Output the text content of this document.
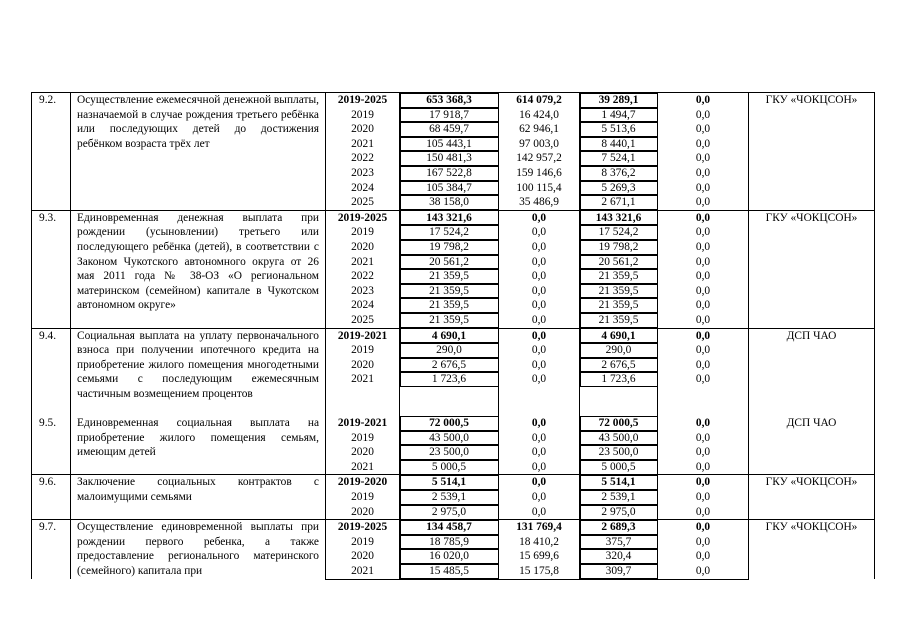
9.2.	Осуществление ежемесячной денежной выплаты, назначаемой в случае рождения третьего ребёнка или последующих детей до достижения ребёнком возраста трёх лет	2019-2025	653 368,3	614 079,2	39 289,1	0,0	ГКУ «ЧОКЦСОН»
		2019	17 918,7	16 424,0	1 494,7	0,0	
		2020	68 459,7	62 946,1	5 513,6	0,0	
		2021	105 443,1	97 003,0	8 440,1	0,0	
		2022	150 481,3	142 957,2	7 524,1	0,0	
		2023	167 522,8	159 146,6	8 376,2	0,0	
		2024	105 384,7	100 115,4	5 269,3	0,0	
		2025	38 158,0	35 486,9	2 671,1	0,0	
9.3.	Единовременная денежная выплата при рождении (усыновлении) третьего или последующего ребёнка (детей), в соответствии с Законом Чукотского автономного округа от 26 мая 2011 года № 38-ОЗ «О региональном материнском (семейном) капитале в Чукотском автономном округе»	2019-2025	143 321,6	0,0	143 321,6	0,0	ГКУ «ЧОКЦСОН»
		2019	17 524,2	0,0	17 524,2	0,0	
		2020	19 798,2	0,0	19 798,2	0,0	
		2021	20 561,2	0,0	20 561,2	0,0	
		2022	21 359,5	0,0	21 359,5	0,0	
		2023	21 359,5	0,0	21 359,5	0,0	
		2024	21 359,5	0,0	21 359,5	0,0	
		2025	21 359,5	0,0	21 359,5	0,0	
9.4.	Социальная выплата на уплату первоначального взноса при получении ипотечного кредита на приобретение жилого помещения многодетными семьями с последующим ежемесячным частичным возмещением процентов	2019-2021	4 690,1	0,0	4 690,1	0,0	ДСП ЧАО
		2019	290,0	0,0	290,0	0,0	
		2020	2 676,5	0,0	2 676,5	0,0	
		2021	1 723,6	0,0	1 723,6	0,0	

9.5.	Единовременная социальная выплата на приобретение жилого помещения семьям, имеющим детей	2019-2021	72 000,5	0,0	72 000,5	0,0	ДСП ЧАО
		2019	43 500,0	0,0	43 500,0	0,0	
		2020	23 500,0	0,0	23 500,0	0,0	
		2021	5 000,5	0,0	5 000,5	0,0	
9.6.	Заключение социальных контрактов с малоимущими семьями	2019-2020	5 514,1	0,0	5 514,1	0,0	ГКУ «ЧОКЦСОН»
		2019	2 539,1	0,0	2 539,1	0,0	
		2020	2 975,0	0,0	2 975,0	0,0	
9.7.	Осуществление единовременной выплаты при рождении первого ребенка, а также предоставление регионального материнского (семейного) капитала при	2019-2025	134 458,7	131 769,4	2 689,3	0,0	ГКУ «ЧОКЦСОН»
		2019	18 785,9	18 410,2	375,7	0,0	
		2020	16 020,0	15 699,6	320,4	0,0	
		2021	15 485,5	15 175,8	309,7	0,0	
